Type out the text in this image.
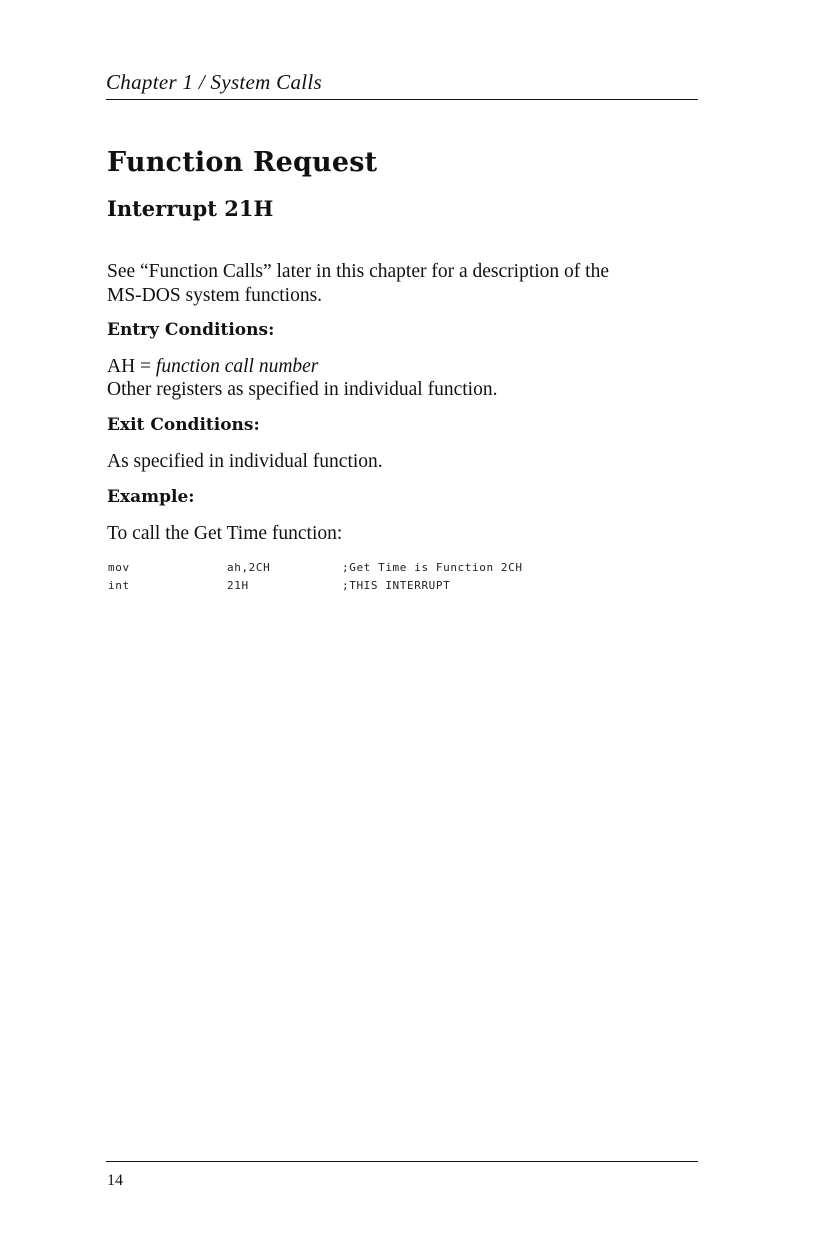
Chapter 1 / System Calls
Function Request
Interrupt 21H

See “Function Calls” later in this chapter for a description of the

MS-DOS system functions.

Entry Conditions:

AH = function call number

Other registers as specified in individual function.

Exit Conditions:

As specified in individual function.

Example:

To call the Get Time function:

mov	ah,2CH	;Get Time is Function 2CH
int	21H	;THIS INTERRUPT
14
